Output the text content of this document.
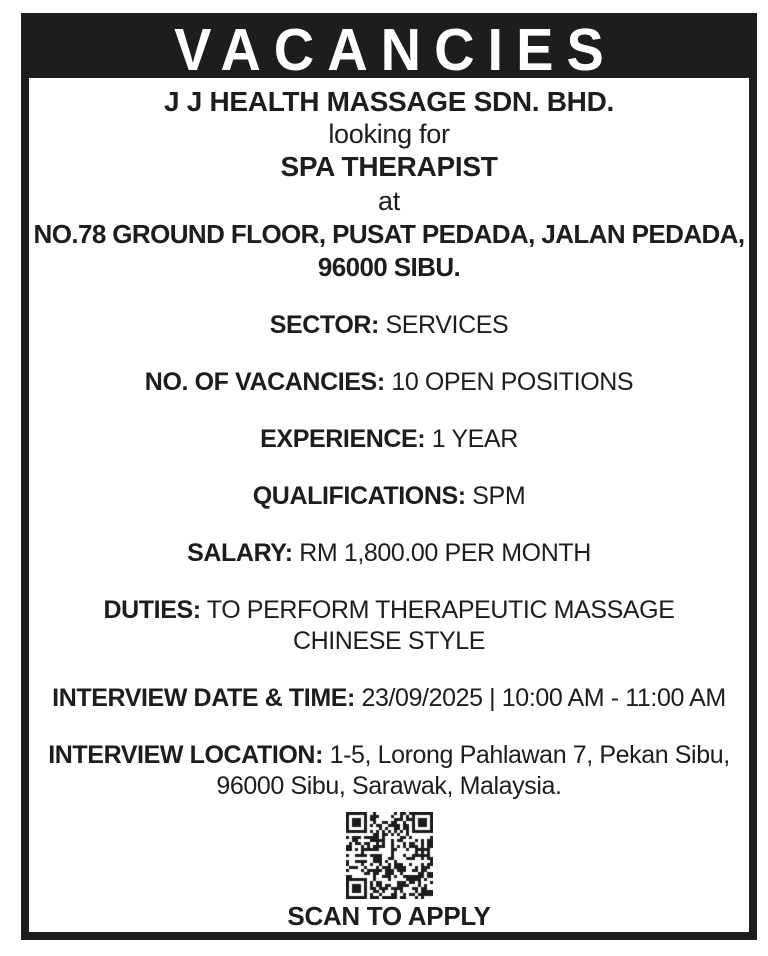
VACANCIES
J J HEALTH MASSAGE SDN. BHD.
looking for
SPA THERAPIST
at
NO.78 GROUND FLOOR, PUSAT PEDADA, JALAN PEDADA,
96000 SIBU.

SECTOR: SERVICES

NO. OF VACANCIES: 10 OPEN POSITIONS

EXPERIENCE: 1 YEAR

QUALIFICATIONS: SPM

SALARY: RM 1,800.00 PER MONTH

DUTIES: TO PERFORM THERAPEUTIC MASSAGE CHINESE STYLE

INTERVIEW DATE & TIME: 23/09/2025 | 10:00 AM - 11:00 AM

INTERVIEW LOCATION: 1-5, Lorong Pahlawan 7, Pekan Sibu, 96000 Sibu, Sarawak, Malaysia.

SCAN TO APPLY
